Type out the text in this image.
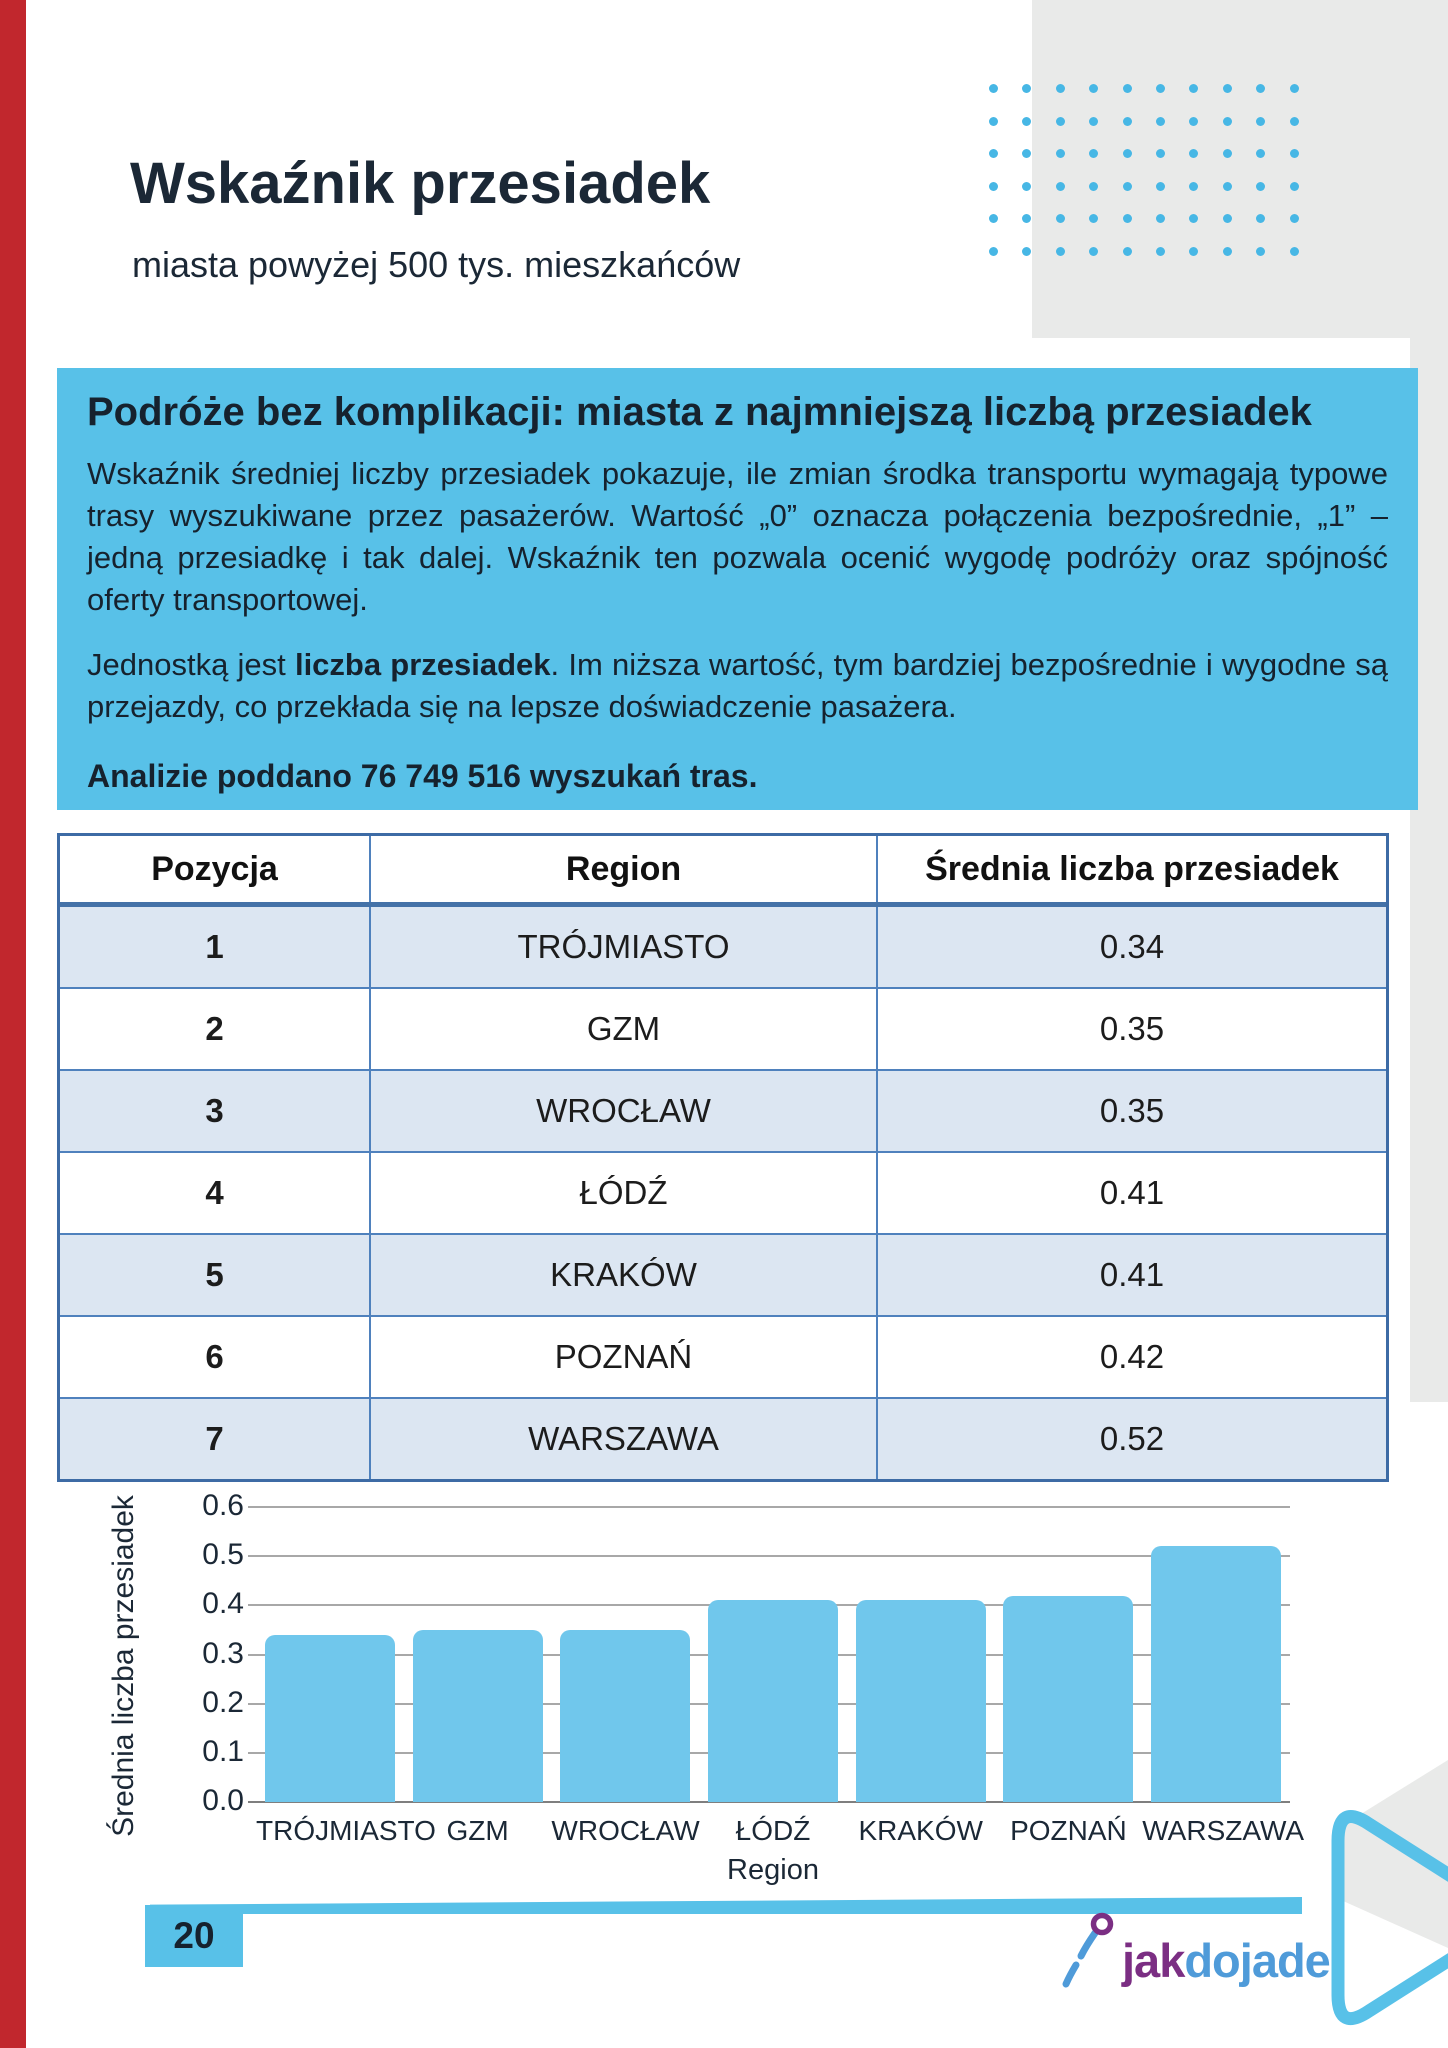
Wskaźnik przesiadek
miasta powyżej 500 tys. mieszkańców
Podróże bez komplikacji: miasta z najmniejszą liczbą przesiadek

Wskaźnik średniej liczby przesiadek pokazuje, ile zmian środka transportu wymagają typowe trasy wyszukiwane przez pasażerów. Wartość „0” oznacza połączenia bezpośrednie, „1” – jedną przesiadkę i tak dalej. Wskaźnik ten pozwala ocenić wygodę podróży oraz spójność oferty transportowej.

Jednostką jest liczba przesiadek. Im niższa wartość, tym bardziej bezpośrednie i wygodne są przejazdy, co przekłada się na lepsze doświadczenie pasażera.

Analizie poddano 76 749 516 wyszukań tras.
Pozycja	Region	Średnia liczba przesiadek
1	TRÓJMIASTO	0.34
2	GZM	0.35
3	WROCŁAW	0.35
4	ŁÓDŹ	0.41
5	KRAKÓW	0.41
6	POZNAŃ	0.42
7	WARSZAWA	0.52
Średnia liczba przesiadek	0.0
0.1
0.2
0.3
0.4
0.5
0.6
Region
20	jakdojade
TRÓJMIASTO GZM	WROCŁAW	ŁÓDŹ	KRAKÓW POZNAŃ WARSZAWA
